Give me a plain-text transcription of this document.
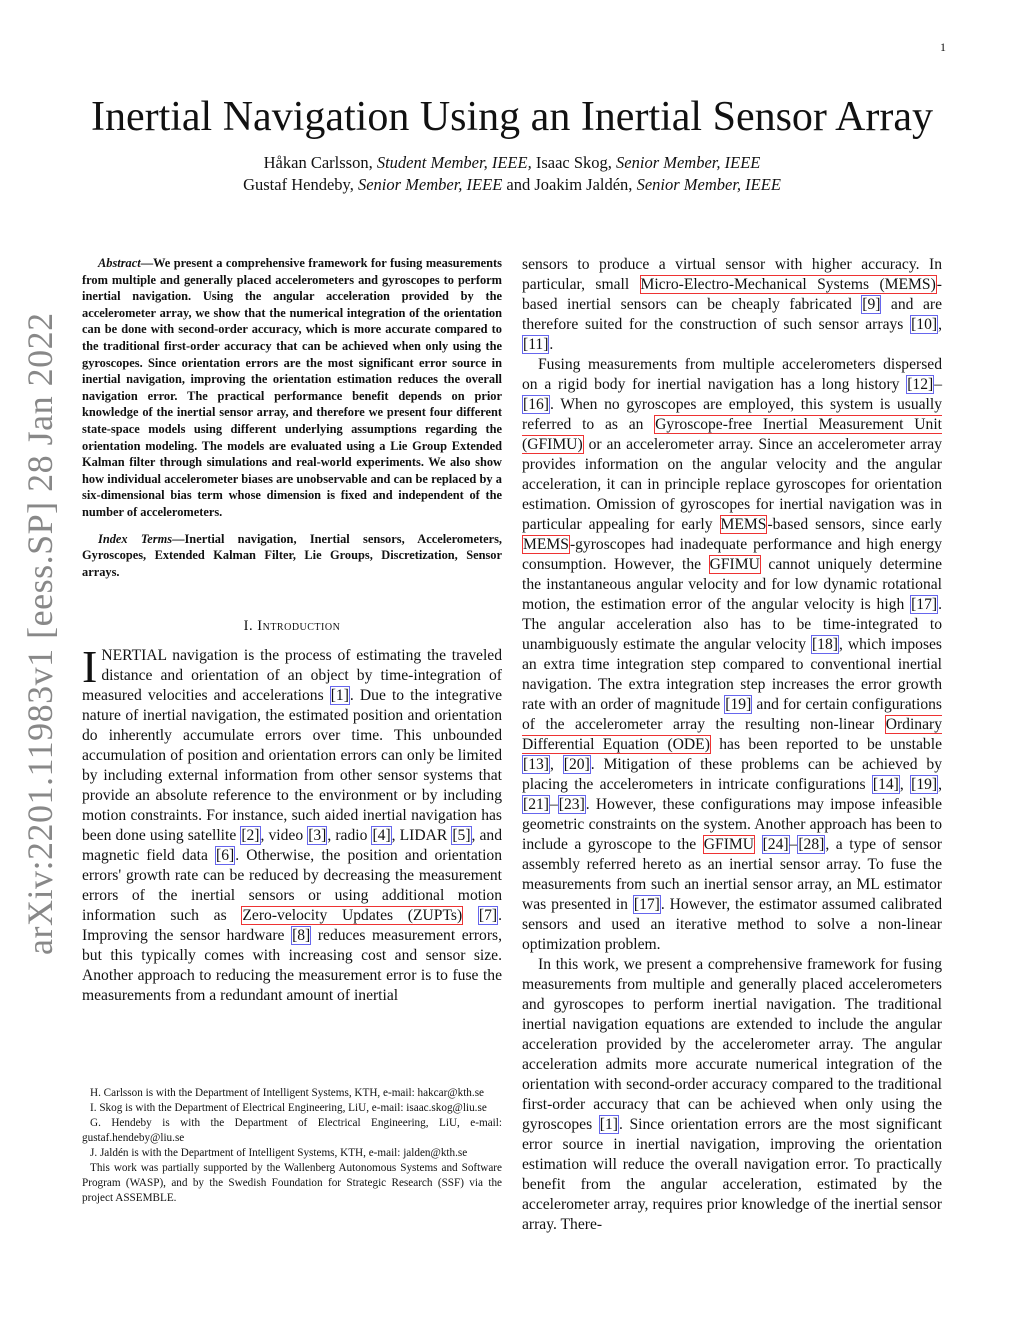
1
arXiv:2201.11983v1 [eess.SP] 28 Jan 2022
Inertial Navigation Using an Inertial Sensor Array
Håkan Carlsson, Student Member, IEEE, Isaac Skog, Senior Member, IEEE
Gustaf Hendeby, Senior Member, IEEE and Joakim Jaldén, Senior Member, IEEE

Abstract—We present a comprehensive framework for fusing measurements from multiple and generally placed accelerometers and gyroscopes to perform inertial navigation. Using the angular acceleration provided by the accelerometer array, we show that the numerical integration of the orientation can be done with second-order accuracy, which is more accurate compared to the traditional first-order accuracy that can be achieved when only using the gyroscopes. Since orientation errors are the most significant error source in inertial navigation, improving the orientation estimation reduces the overall navigation error. The practical performance benefit depends on prior knowledge of the inertial sensor array, and therefore we present four different state-space models using different underlying assumptions regarding the orientation modeling. The models are evaluated using a Lie Group Extended Kalman filter through simulations and real-world experiments. We also show how individual accelerometer biases are unobservable and can be replaced by a six-dimensional bias term whose dimension is fixed and independent of the number of accelerometers.

Index Terms—Inertial navigation, Inertial sensors, Accelerometers, Gyroscopes, Extended Kalman Filter, Lie Groups, Discretization, Sensor arrays.

I. Introduction

INERTIAL navigation is the process of estimating the traveled distance and orientation of an object by time-integration of measured velocities and accelerations [1]. Due to the integrative nature of inertial navigation, the estimated position and orientation do inherently accumulate errors over time. This unbounded accumulation of position and orientation errors can only be limited by including external information from other sensor systems that provide an absolute reference to the environment or by including motion constraints. For instance, such aided inertial navigation has been done using satellite [2], video [3], radio [4], LIDAR [5], and magnetic field data [6]. Otherwise, the position and orientation errors' growth rate can be reduced by decreasing the measurement errors of the inertial sensors or using additional motion information such as Zero-velocity Updates (ZUPTs) [7]. Improving the sensor hardware [8] reduces measurement errors, but this typically comes with increasing cost and sensor size. Another approach to reducing the measurement error is to fuse the measurements from a redundant amount of inertial

H. Carlsson is with the Department of Intelligent Systems, KTH, e-mail: hakcar@kth.se

I. Skog is with the Department of Electrical Engineering, LiU, e-mail: isaac.skog@liu.se

G. Hendeby is with the Department of Electrical Engineering, LiU, e-mail: gustaf.hendeby@liu.se

J. Jaldén is with the Department of Intelligent Systems, KTH, e-mail: jalden@kth.se

This work was partially supported by the Wallenberg Autonomous Systems and Software Program (WASP), and by the Swedish Foundation for Strategic Research (SSF) via the project ASSEMBLE.

sensors to produce a virtual sensor with higher accuracy. In particular, small Micro-Electro-Mechanical Systems (MEMS)-based inertial sensors can be cheaply fabricated [9] and are therefore suited for the construction of such sensor arrays [10], [11].

Fusing measurements from multiple accelerometers dispersed on a rigid body for inertial navigation has a long history [12]–[16]. When no gyroscopes are employed, this system is usually referred to as an Gyroscope-free Inertial Measurement Unit (GFIMU) or an accelerometer array. Since an accelerometer array provides information on the angular velocity and the angular acceleration, it can in principle replace gyroscopes for orientation estimation. Omission of gyroscopes for inertial navigation was in particular appealing for early MEMS-based sensors, since early MEMS-gyroscopes had inadequate performance and high energy consumption. However, the GFIMU cannot uniquely determine the instantaneous angular velocity and for low dynamic rotational motion, the estimation error of the angular velocity is high [17]. The angular acceleration also has to be time-integrated to unambiguously estimate the angular velocity [18], which imposes an extra time integration step compared to conventional inertial navigation. The extra integration step increases the error growth rate with an order of magnitude [19] and for certain configurations of the accelerometer array the resulting non-linear Ordinary Differential Equation (ODE) has been reported to be unstable [13], [20]. Mitigation of these problems can be achieved by placing the accelerometers in intricate configurations [14], [19], [21]–[23]. However, these configurations may impose infeasible geometric constraints on the system. Another approach has been to include a gyroscope to the GFIMU [24]–[28], a type of sensor assembly referred hereto as an inertial sensor array. To fuse the measurements from such an inertial sensor array, an ML estimator was presented in [17]. However, the estimator assumed calibrated sensors and used an iterative method to solve a non-linear optimization problem.

In this work, we present a comprehensive framework for fusing measurements from multiple and generally placed accelerometers and gyroscopes to perform inertial navigation. The traditional inertial navigation equations are extended to include the angular acceleration provided by the accelerometer array. The angular acceleration admits more accurate numerical integration of the orientation with second-order accuracy compared to the traditional first-order accuracy that can be achieved when only using the gyroscopes [1]. Since orientation errors are the most significant error source in inertial navigation, improving the orientation estimation will reduce the overall navigation error. To practically benefit from the angular acceleration, estimated by the accelerometer array, requires prior knowledge of the inertial sensor array. There-
